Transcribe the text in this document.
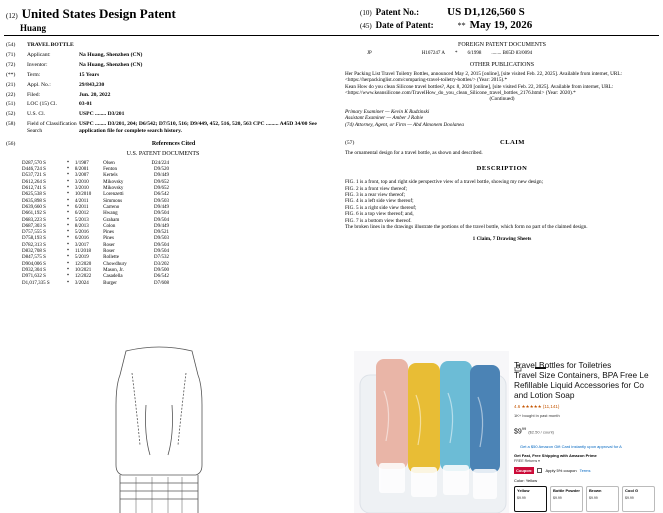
(12) United States Design Patent
Huang
(10) Patent No.:	US D1,126,560 S
(45) Date of Patent:	** May 19, 2026
(54)	TRAVEL BOTTLE
(71)	Applicant:	Na Huang, Shenzhen (CN)
(72)	Inventor:	Na Huang, Shenzhen (CN)
(**)	Term:	15 Years
(21)	Appl. No.:	29/843,230
(22)	Filed:	Jun. 20, 2022
(51)	LOC (15) Cl.	03-01
(52)	U.S. Cl.	USPC ........ D3/201
(58)	Field of Classification Search
USPC ........ D3/201, 204; D6/542; D7/510, 516; D9/449, 452, 516, 520, 563 CPC ......... A45D 34/00 See application file for complete search history.
(56)	References Cited
U.S. PATENT DOCUMENTS
D287,570 S	*	1/1987	Olsen	D24/224
D446,724 S	*	8/2001	Fenton	D9/520
D537,721 S	*	3/2007	Kertels	D9/449
D612,264 S	*	3/2010	Mikovsky	D9/652
D612,741 S	*	3/2010	Mikovsky	D9/652
D625,538 S	*	10/2010	Lorenzetti	D6/542
D635,898 S	*	4/2011	Simmons	D9/503
D639,660 S	*	6/2011	Carreno	D9/449
D661,192 S	*	6/2012	Hwang	D9/504
D683,223 S	*	5/2013	Graham	D9/504
D687,303 S	*	8/2013	Colon	D9/449
D757,555 S	*	5/2016	Pines	D9/521
D758,193 S	*	6/2016	Pines	D9/503
D782,313 S	*	3/2017	Roser	D9/504
D832,708 S	*	11/2018	Roser	D9/504
D847,575 S	*	5/2019	Rollette	D7/532
D904,006 S	*	12/2020	Chowdhury	D3/202
D932,304 S	*	10/2021	Mason, Jr.	D9/500
D971,632 S	*	12/2022	Casadella	D6/542
D1,017,335 S	*	3/2024	Burger	D7/608
FOREIGN PATENT DOCUMENTS
JP	H167247 A * 6/1998 ........ B65D 83/0094
OTHER PUBLICATIONS
Her Packing List Travel Toiletry Bottles, announced May 2, 2015 [online], [site visited Feb. 22, 2025]. Available from internet, URL: <https://herpackinglist.com/comparing-travel-toiletry-bottles/> (Year: 2015).*
Kean How do you clean Silicone travel bottles?, Apr. 8, 2020 [online], [site visited Feb. 22, 2025]. Available from internet, URL: <https://www.keansilicone.com/TravelHow_do_you_clean_Silicone_travel_bottles_2176.html> (Year: 2020).*
(Continued)
Primary Examiner — Kevin K Rudzinski
Assistant Examiner — Amber J Rabie
(74) Attorney, Agent, or Firm — Abd Almonem Doolanea
(57)	CLAIM
The ornamental design for a travel bottle, as shown and described.
DESCRIPTION
FIG. 1 is a front, top and right side perspective view of a travel bottle, showing my new design;
FIG. 2 is a front view thereof;
FIG. 3 is a rear view thereof;
FIG. 4 is a left side view thereof;
FIG. 5 is a right side view thereof;
FIG. 6 is a top view thereof; and,
FIG. 7 is a bottom view thereof.
The broken lines in the drawings illustrate the portions of the travel bottle, which form no part of the claimed design.
1 Claim, 7 Drawing Sheets
Travel Bottles for Toiletries
Travel Size Containers, BPA Free Le
Refillable Liquid Accessories for Co
and Lotion Soap
4.6 ★★★★★ (11,141)
1K+ bought in past month
$\$9^{99}$ ($2.50 / count)
Get a $50 Amazon Gift Card instantly upon approval for A
Get Fast, Free Shipping with Amazon Prime
FREE Returns ▾
Coupon:	Apply 5% coupon Terms
Color: Yellow
Yellow
$9.99
Bottle Powder
$9.99
Brown
$9.99
Cool G
$9.99
